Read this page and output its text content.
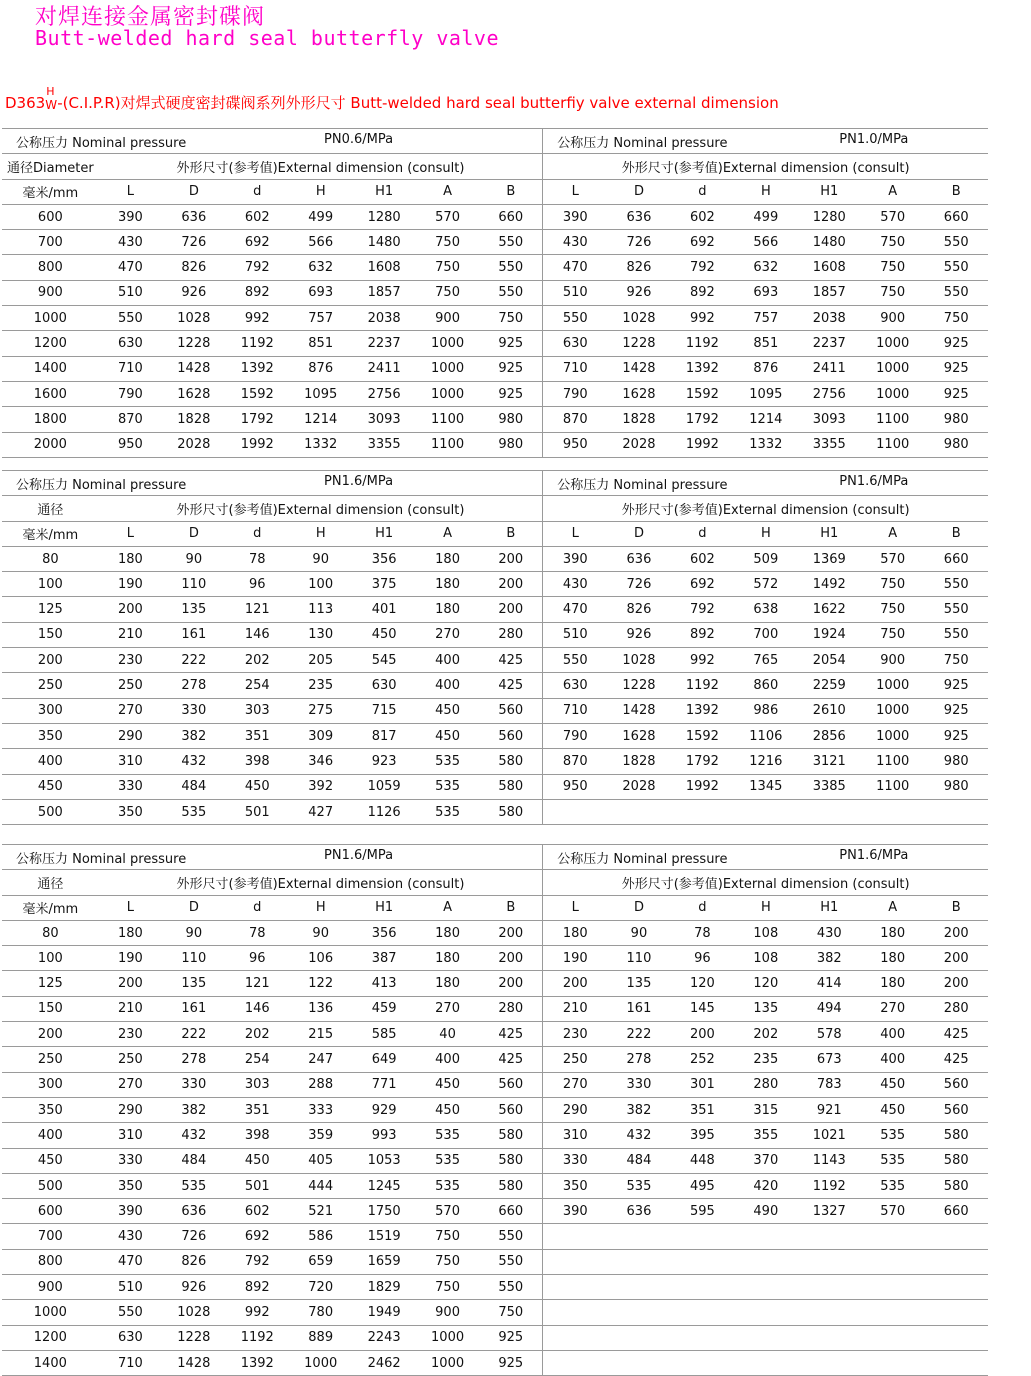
对焊连接金属密封碟阀
Butt-welded hard seal butterfly valve
D363
H
W -(C.I.P.R)对焊式硬度密封碟阀系列外形尺寸 Butt-welded hard seal butterfiy valve external dimension
公称压力 Nominal pressure PN0.6/MPa								公称压力 Nominal pressure PN1.0/MPa						

通径Diameter	外形尺寸(参考值)External dimension (consult)							外形尺寸(参考值)External dimension (consult)						
毫米/mm	L	D	d	H	H1	A	B	L	D	d	H	H1	A	B
600	390	636	602	499	1280	570	660	390	636	602	499	1280	570	660
700	430	726	692	566	1480	750	550	430	726	692	566	1480	750	550
800	470	826	792	632	1608	750	550	470	826	792	632	1608	750	550
900	510	926	892	693	1857	750	550	510	926	892	693	1857	750	550
1000	550	1028	992	757	2038	900	750	550	1028	992	757	2038	900	750
1200	630	1228	1192	851	2237	1000	925	630	1228	1192	851	2237	1000	925
1400	710	1428	1392	876	2411	1000	925	710	1428	1392	876	2411	1000	925
1600	790	1628	1592	1095	2756	1000	925	790	1628	1592	1095	2756	1000	925
1800	870	1828	1792	1214	3093	1100	980	870	1828	1792	1214	3093	1100	980
2000	950	2028	1992	1332	3355	1100	980	950	2028	1992	1332	3355	1100	980
公称压力 Nominal pressure PN1.6/MPa								公称压力 Nominal pressure PN1.6/MPa						

通径	外形尺寸(参考值)External dimension (consult)							外形尺寸(参考值)External dimension (consult)						
毫米/mm	L	D	d	H	H1	A	B	L	D	d	H	H1	A	B
80	180	90	78	90	356	180	200	390	636	602	509	1369	570	660
100	190	110	96	100	375	180	200	430	726	692	572	1492	750	550
125	200	135	121	113	401	180	200	470	826	792	638	1622	750	550
150	210	161	146	130	450	270	280	510	926	892	700	1924	750	550
200	230	222	202	205	545	400	425	550	1028	992	765	2054	900	750
250	250	278	254	235	630	400	425	630	1228	1192	860	2259	1000	925
300	270	330	303	275	715	450	560	710	1428	1392	986	2610	1000	925
350	290	382	351	309	817	450	560	790	1628	1592	1106	2856	1000	925
400	310	432	398	346	923	535	580	870	1828	1792	1216	3121	1100	980
450	330	484	450	392	1059	535	580	950	2028	1992	1345	3385	1100	980
500	350	535	501	427	1126	535	580							
公称压力 Nominal pressure PN1.6/MPa								公称压力 Nominal pressure PN1.6/MPa						

通径	外形尺寸(参考值)External dimension (consult)							外形尺寸(参考值)External dimension (consult)						
毫米/mm	L	D	d	H	H1	A	B	L	D	d	H	H1	A	B
80	180	90	78	90	356	180	200	180	90	78	108	430	180	200
100	190	110	96	106	387	180	200	190	110	96	108	382	180	200
125	200	135	121	122	413	180	200	200	135	120	120	414	180	200
150	210	161	146	136	459	270	280	210	161	145	135	494	270	280
200	230	222	202	215	585	40	425	230	222	200	202	578	400	425
250	250	278	254	247	649	400	425	250	278	252	235	673	400	425
300	270	330	303	288	771	450	560	270	330	301	280	783	450	560
350	290	382	351	333	929	450	560	290	382	351	315	921	450	560
400	310	432	398	359	993	535	580	310	432	395	355	1021	535	580
450	330	484	450	405	1053	535	580	330	484	448	370	1143	535	580
500	350	535	501	444	1245	535	580	350	535	495	420	1192	535	580
600	390	636	602	521	1750	570	660	390	636	595	490	1327	570	660
700	430	726	692	586	1519	750	550							
800	470	826	792	659	1659	750	550							
900	510	926	892	720	1829	750	550							
1000	550	1028	992	780	1949	900	750							
1200	630	1228	1192	889	2243	1000	925							
1400	710	1428	1392	1000	2462	1000	925							
